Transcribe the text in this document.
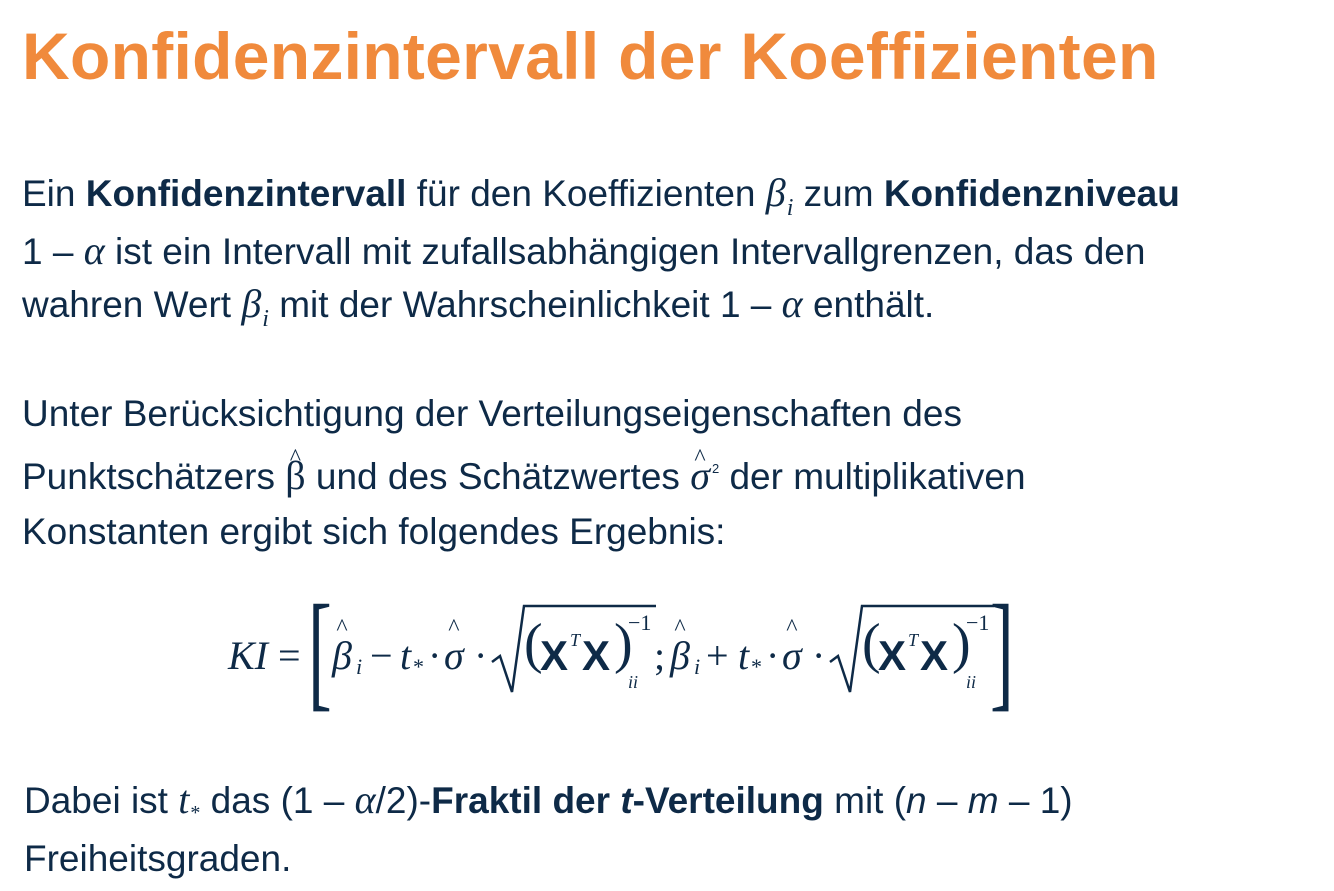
Konfidenzintervall der Koeffizienten

Ein Konfidenzintervall für den Koeffizienten $\beta_i$ zum Konfidenzniveau
1 – α ist ein Intervall mit zufallsabhängigen Intervallgrenzen, das den
wahren Wert $\beta_i$ mit der Wahrscheinlichkeit 1 – α enthält.

Unter Berücksichtigung der Verteilungseigenschaften des
Punktschätzers ^ β und des Schätzwertes ^ σ $^2$ der multiplikativen
Konstanten ergibt sich folgendes Ergebnis:

KI = [ ^ β i − t * · ^ σ · (
X T X )
−1
ii
; ^ β i + t * · ^ σ · (
X T X )
−1
ii ]

Dabei ist t* das (1 – α/2)-Fraktil der t-Verteilung mit (n – m – 1)
Freiheitsgraden.
